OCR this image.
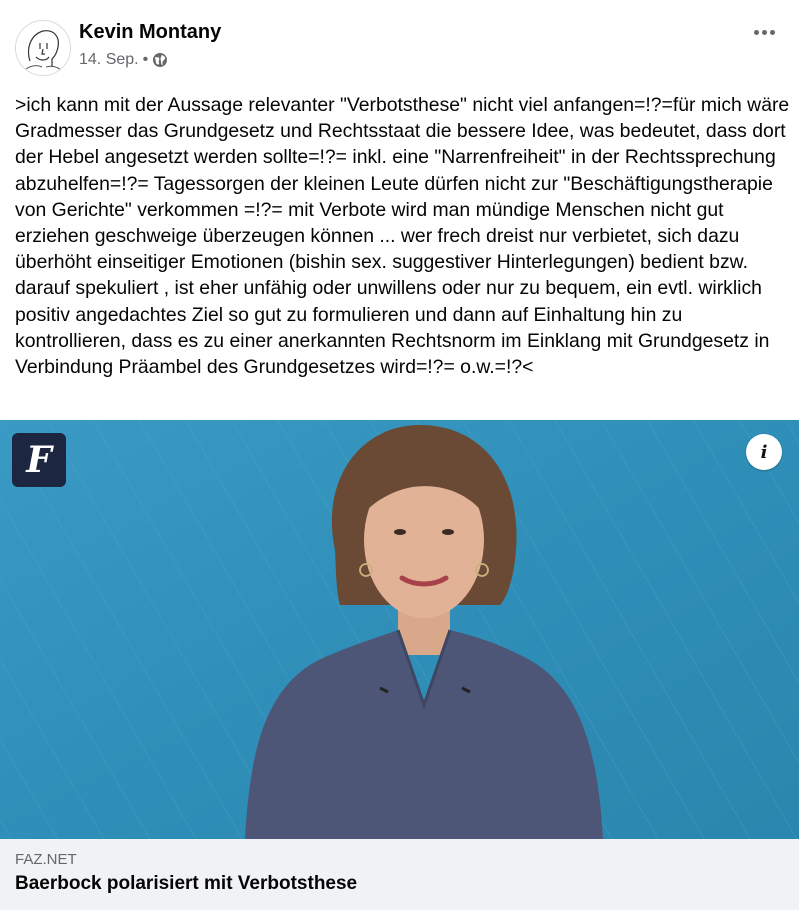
Kevin Montany
14. Sep. •
>ich kann mit der Aussage relevanter "Verbotsthese" nicht viel anfangen=!?=für mich wäre Gradmesser das Grundgesetz und Rechtsstaat die bessere Idee, was bedeutet, dass dort der Hebel angesetzt werden sollte=!?= inkl. eine "Narrenfreiheit" in der Rechtssprechung abzuhelfen=!?= Tagessorgen der kleinen Leute dürfen nicht zur "Beschäftigungstherapie von Gerichte" verkommen =!?= mit Verbote wird man mündige Menschen nicht gut erziehen geschweige überzeugen können ... wer frech dreist nur verbietet, sich dazu überhöht einseitiger Emotionen (bishin sex. suggestiver Hinterlegungen) bedient bzw. darauf spekuliert , ist eher unfähig oder unwillens oder nur zu bequem, ein evtl. wirklich positiv angedachtes Ziel so gut zu formulieren und dann auf Einhaltung hin zu kontrollieren, dass es zu einer anerkannten Rechtsnorm im Einklang mit Grundgesetz in Verbindung Präambel des Grundgesetzes wird=!?= o.w.=!?<
F	i
FAZ.NET
Baerbock polarisiert mit Verbotsthese
